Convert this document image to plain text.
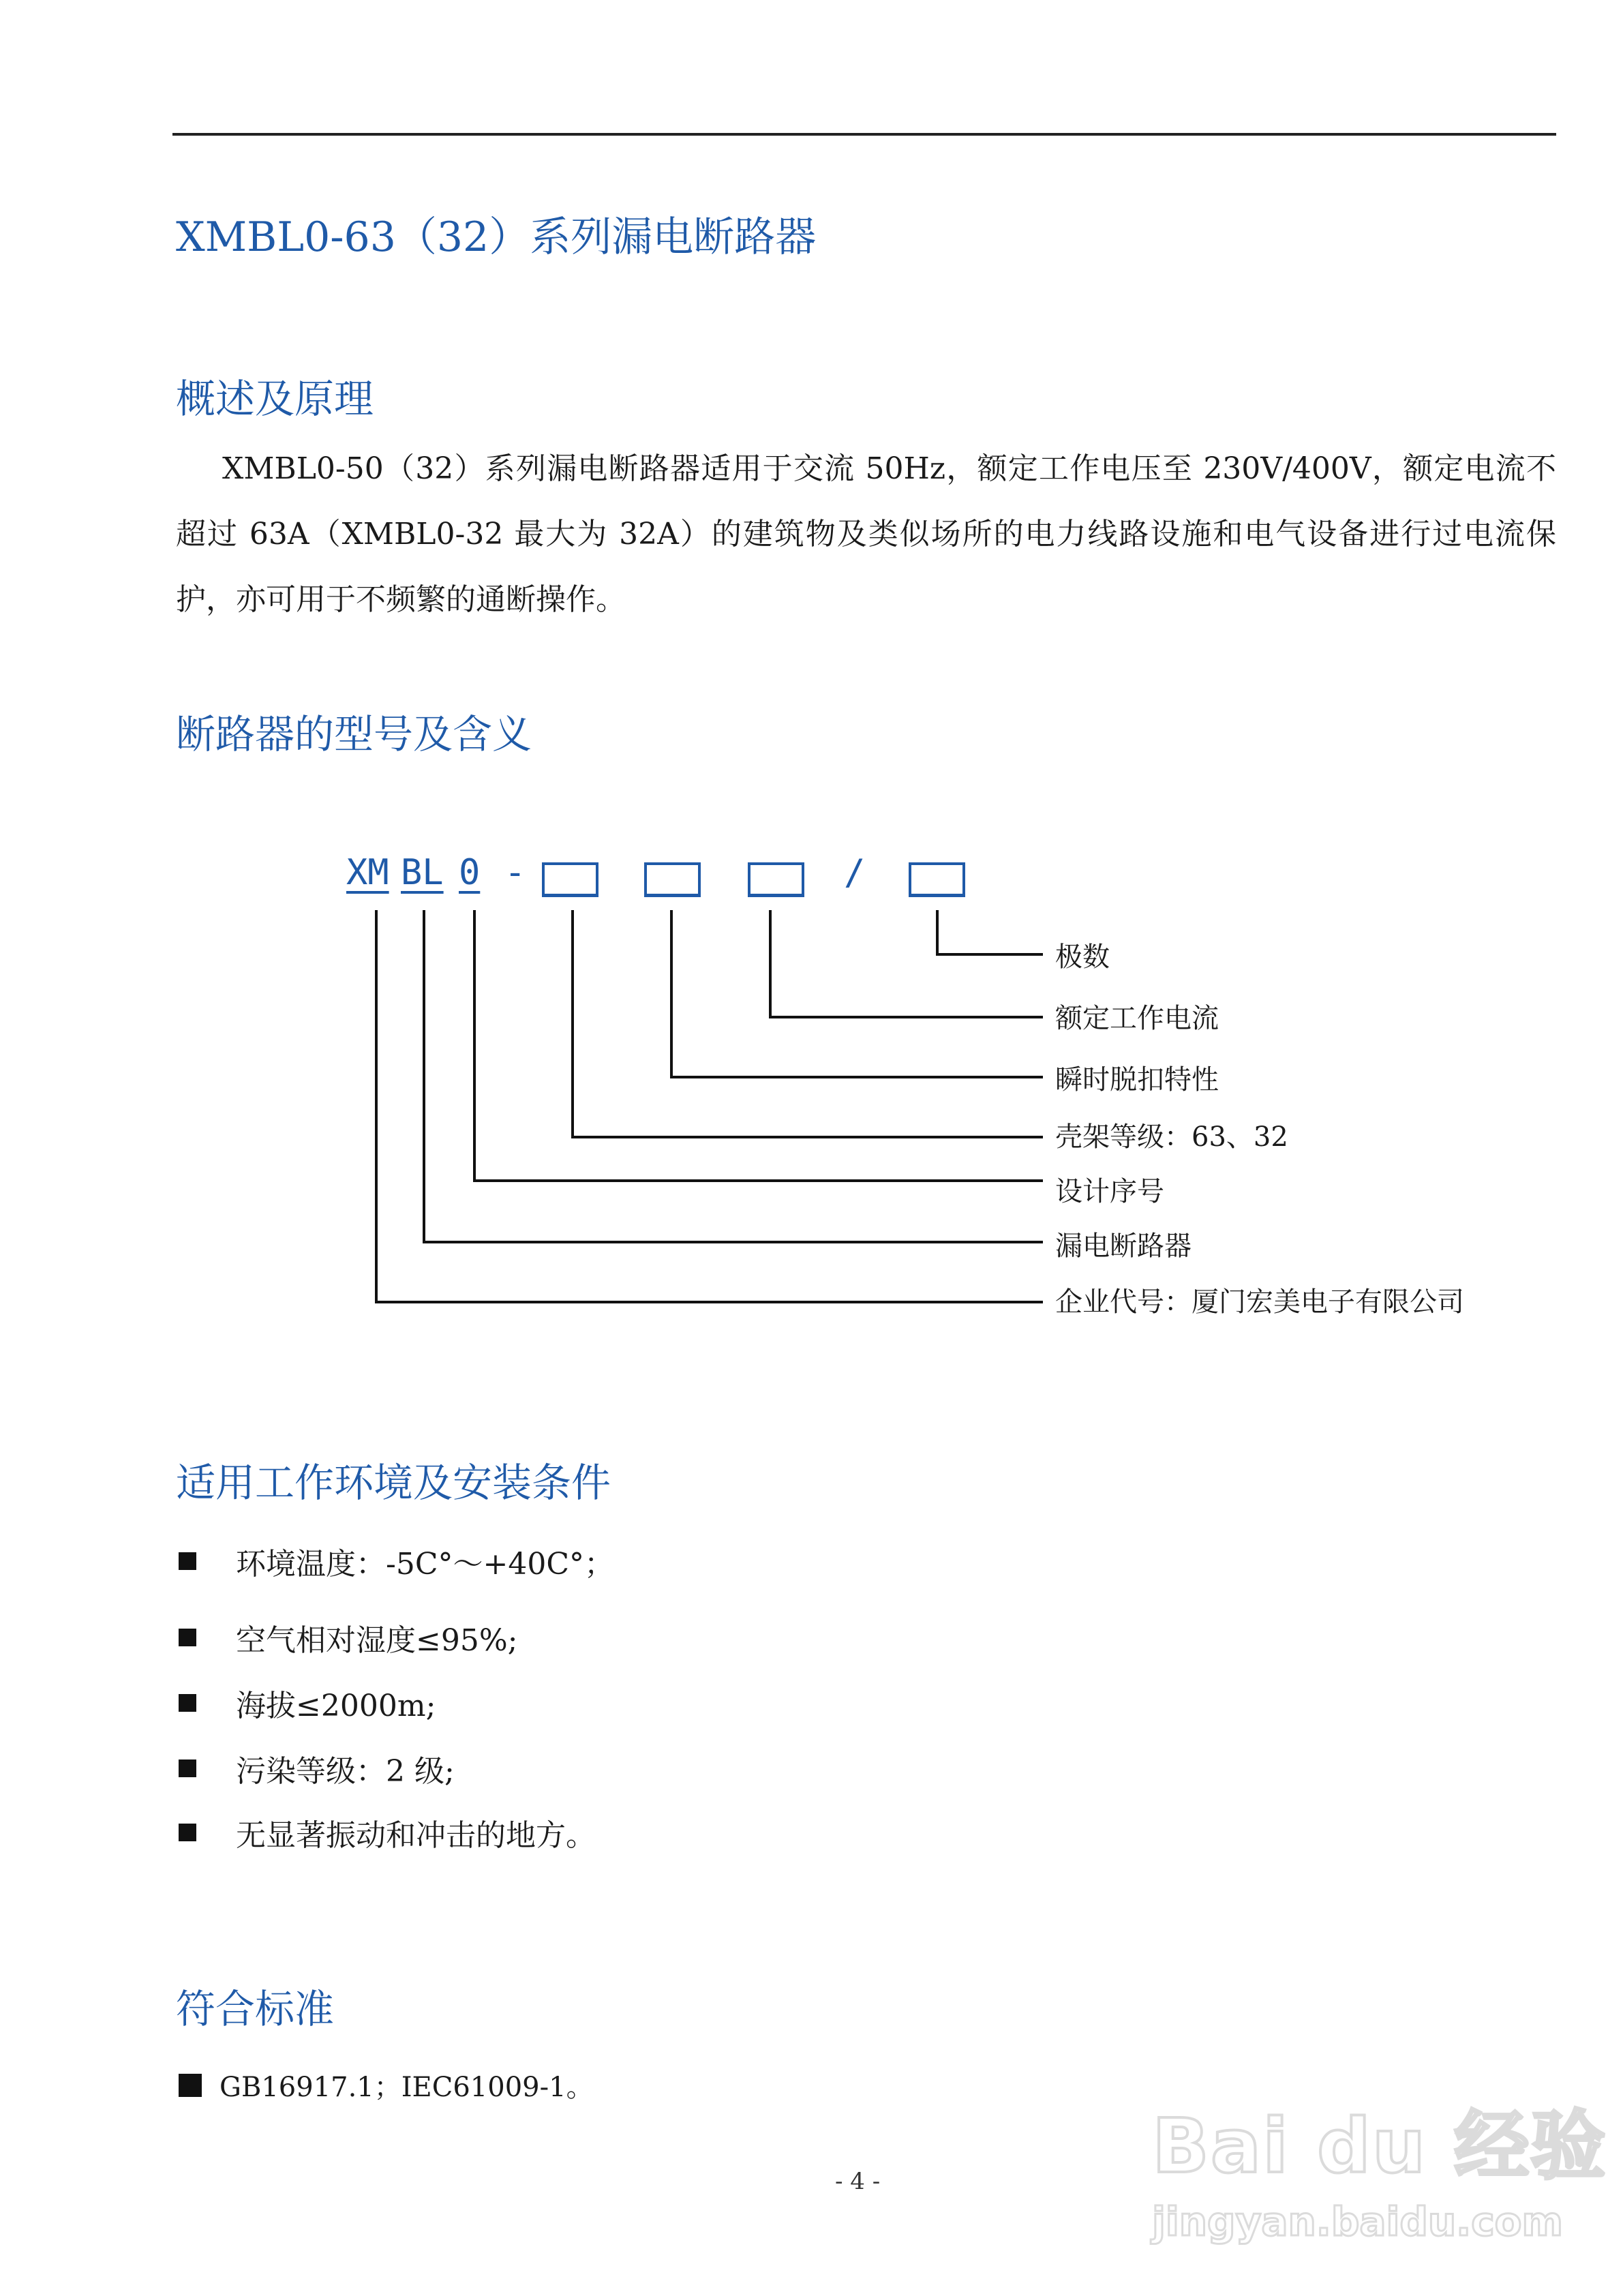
XMBL0-63（32）系列漏电断路器
概述及原理
XMBL0-50（32）系列漏电断路器适用于交流 50Hz，额定工作电压至 230V/400V，额定电流不超过 63A（XMBL0-32 最大为 32A）的建筑物及类似场所的电力线路设施和电气设备进行过电流保护，亦可用于不频繁的通断操作。
断路器的型号及含义
XM BL 0 -	/
极数
额定工作电流
瞬时脱扣特性
壳架等级：63、32
设计序号
漏电断路器
企业代号：厦门宏美电子有限公司
适用工作环境及安装条件
环境温度：-5C°～+40C°；
空气相对湿度≤95%;
海拔≤2000m;
污染等级：2 级;
无显著振动和冲击的地方。
符合标准
GB16917.1；IEC61009-1。
- 4 -	Bai du 经验
jingyan.baidu.com
